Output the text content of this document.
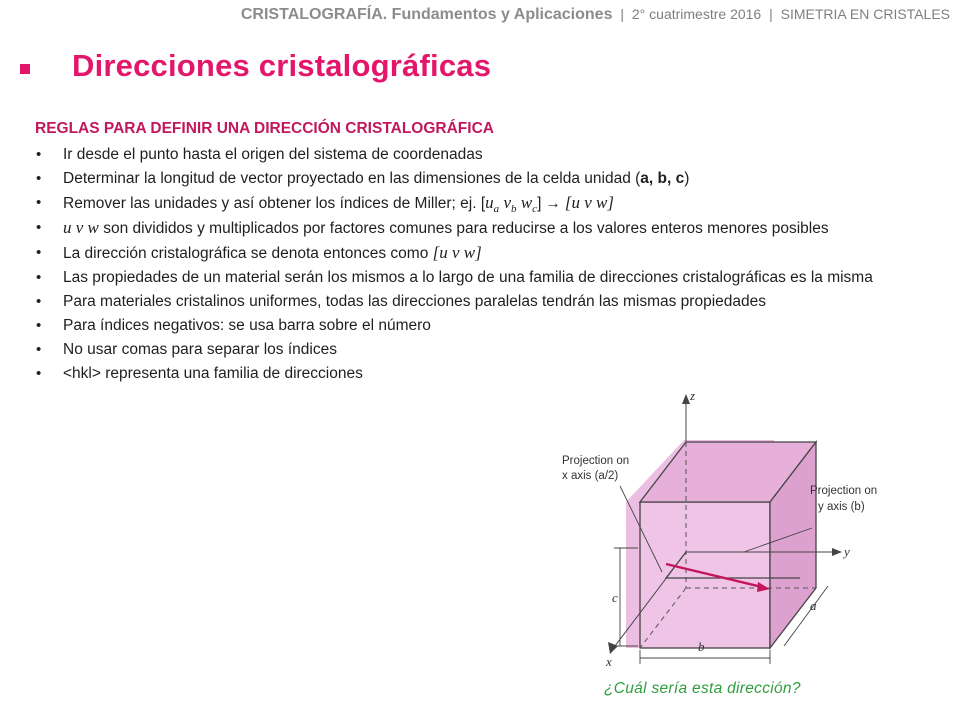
CRISTALOGRAFÍA. Fundamentos y Aplicaciones | 2° cuatrimestre 2016 | SIMETRIA EN CRISTALES
Direcciones cristalográficas
REGLAS PARA DEFINIR UNA DIRECCIÓN CRISTALOGRÁFICA
• Ir desde el punto hasta el origen del sistema de coordenadas
• Determinar la longitud de vector proyectado en las dimensiones de la celda unidad (a, b, c)
• Remover las unidades y así obtener los índices de Miller; ej. [$u_a$ $v_b$ $w_c] \to [u$ v w]
• u v w son divididos y multiplicados por factores comunes para reducirse a los valores enteros menores posibles
• La dirección cristalográfica se denota entonces como [u v w]
• Las propiedades de un material serán los mismos a lo largo de una familia de direcciones cristalográficas es la misma
• Para materiales cristalinos uniformes, todas las direcciones paralelas tendrán las mismas propiedades
• Para índices negativos: se usa barra sobre el número
• No usar comas para separar los índices
• <hkl> representa una familia de direcciones
z
y
x
c
b
a
Projection on
x axis (a/2)
Projection on
y axis (b)
¿Cuál sería esta dirección?
